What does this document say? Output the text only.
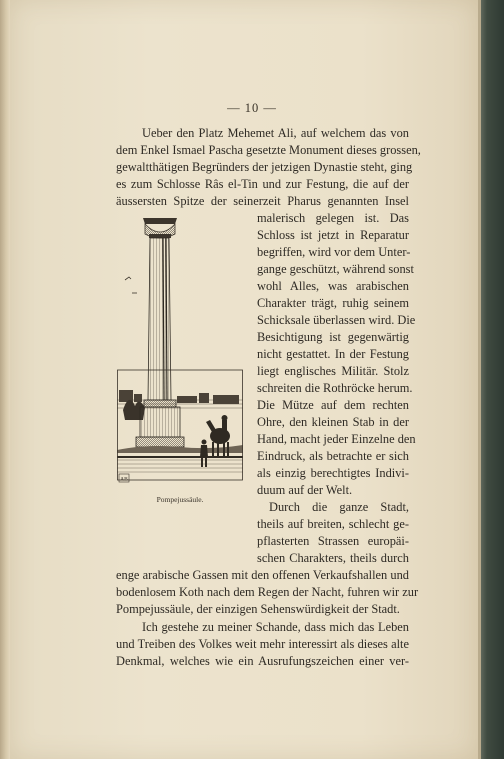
— 10 —
Ueber den Platz Mehemet Ali, auf welchem das von
dem Enkel Ismael Pascha gesetzte Monument dieses grossen,
gewaltthätigen Begründers der jetzigen Dynastie steht, ging
es zum Schlosse Râs el-Tin und zur Festung, die auf der
äussersten Spitze der seinerzeit Pharus genannten Insel
malerisch gelegen ist. Das
Schloss ist jetzt in Reparatur
begriffen, wird vor dem Unter-
gange geschützt, während sonst
wohl Alles, was arabischen
Charakter trägt, ruhig seinem
Schicksale überlassen wird. Die
Besichtigung ist gegenwärtig
nicht gestattet. In der Festung
liegt englisches Militär. Stolz
schreiten die Rothröcke herum.
Die Mütze auf dem rechten
Ohre, den kleinen Stab in der
Hand, macht jeder Einzelne den
Eindruck, als betrachte er sich
als einzig berechtigtes Indivi-
duum auf der Welt.
Durch die ganze Stadt,
theils auf breiten, schlecht ge-
pflasterten Strassen europäi-
schen Charakters, theils durch
enge arabische Gassen mit den offenen Verkaufshallen und
bodenlosem Koth nach dem Regen der Nacht, fuhren wir zur
Pompejussäule, der einzigen Sehenswürdigkeit der Stadt.
Ich gestehe zu meiner Schande, dass mich das Leben
und Treiben des Volkes weit mehr interessirt als dieses alte
Denkmal, welches wie ein Ausrufungszeichen einer ver-
AB
Pompejussäule.
